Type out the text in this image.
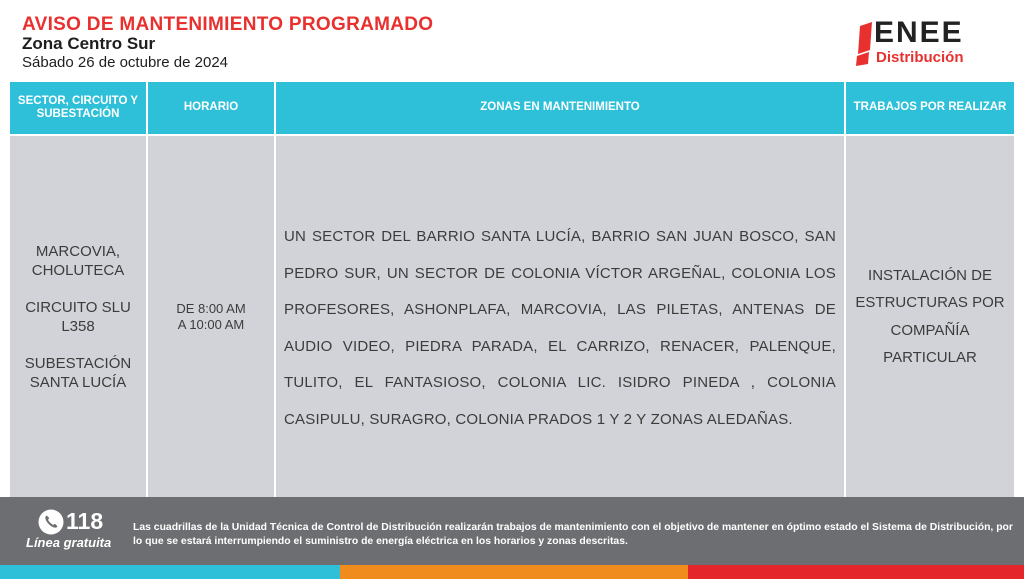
AVISO DE MANTENIMIENTO PROGRAMADO
Zona Centro Sur
Sábado 26 de octubre de 2024
ENEE
Distribución
SECTOR, CIRCUITO Y SUBESTACIÓN
HORARIO	ZONAS EN MANTENIMIENTO	TRABAJOS POR REALIZAR

MARCOVIA, CHOLUTECA

CIRCUITO SLU L358

SUBESTACIÓN SANTA LUCÍA

DE 8:00 AM

A 10:00 AM

UN SECTOR DEL BARRIO SANTA LUCÍA, BARRIO SAN JUAN BOSCO, SAN PEDRO SUR, UN SECTOR DE COLONIA VÍCTOR ARGEÑAL, COLONIA LOS PROFESORES, ASHONPLAFA, MARCOVIA, LAS PILETAS, ANTENAS DE AUDIO VIDEO, PIEDRA PARADA, EL CARRIZO, RENACER, PALENQUE, TULITO, EL FANTASIOSO, COLONIA LIC. ISIDRO PINEDA , COLONIA CASIPULU, SURAGRO, COLONIA PRADOS 1 Y 2 Y ZONAS ALEDAÑAS.

INSTALACIÓN DE ESTRUCTURAS POR COMPAÑÍA PARTICULAR

118
Línea gratuita
Las cuadrillas de la Unidad Técnica de Control de Distribución realizarán trabajos de mantenimiento con el objetivo de mantener en óptimo estado el Sistema de Distribución, por lo que se estará interrumpiendo el suministro de energía eléctrica en los horarios y zonas descritas.
